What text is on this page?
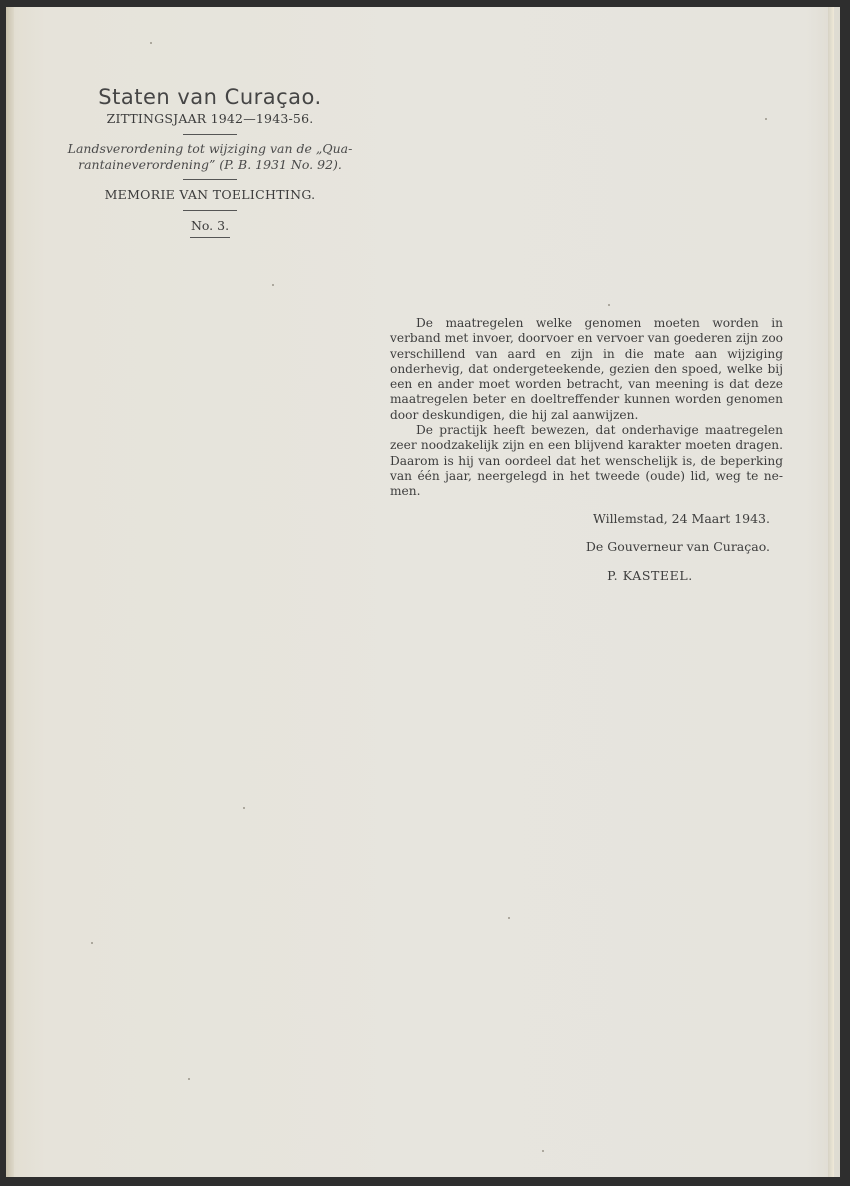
Staten van Curaçao.
ZITTINGSJAAR 1942—1943-56.
Landsverordening tot wijziging van de „Qua-
rantaineverordening” (P. B. 1931 No. 92).
MEMORIE VAN TOELICHTING.
No. 3.

De maatregelen welke genomen moeten worden in verband met invoer, doorvoer en vervoer van goederen zijn zoo verschillend van aard en zijn in die mate aan wijziging onderhevig, dat ondergeteekende, gezien den spoed, welke bij een en ander moet worden betracht, van meening is dat deze maatregelen beter en doeltreffender kunnen worden genomen door deskundigen, die hij zal aanwijzen.

De practijk heeft bewezen, dat onderhavige maatregelen zeer noodzakelijk zijn en een blijvend karakter moeten dragen. Daarom is hij van oordeel dat het wenschelijk is, de beperking van één jaar, neergelegd in het tweede (oude) lid, weg te nemen.

Willemstad, 24 Maart 1943.
De Gouverneur van Curaçao.
P. KASTEEL.
